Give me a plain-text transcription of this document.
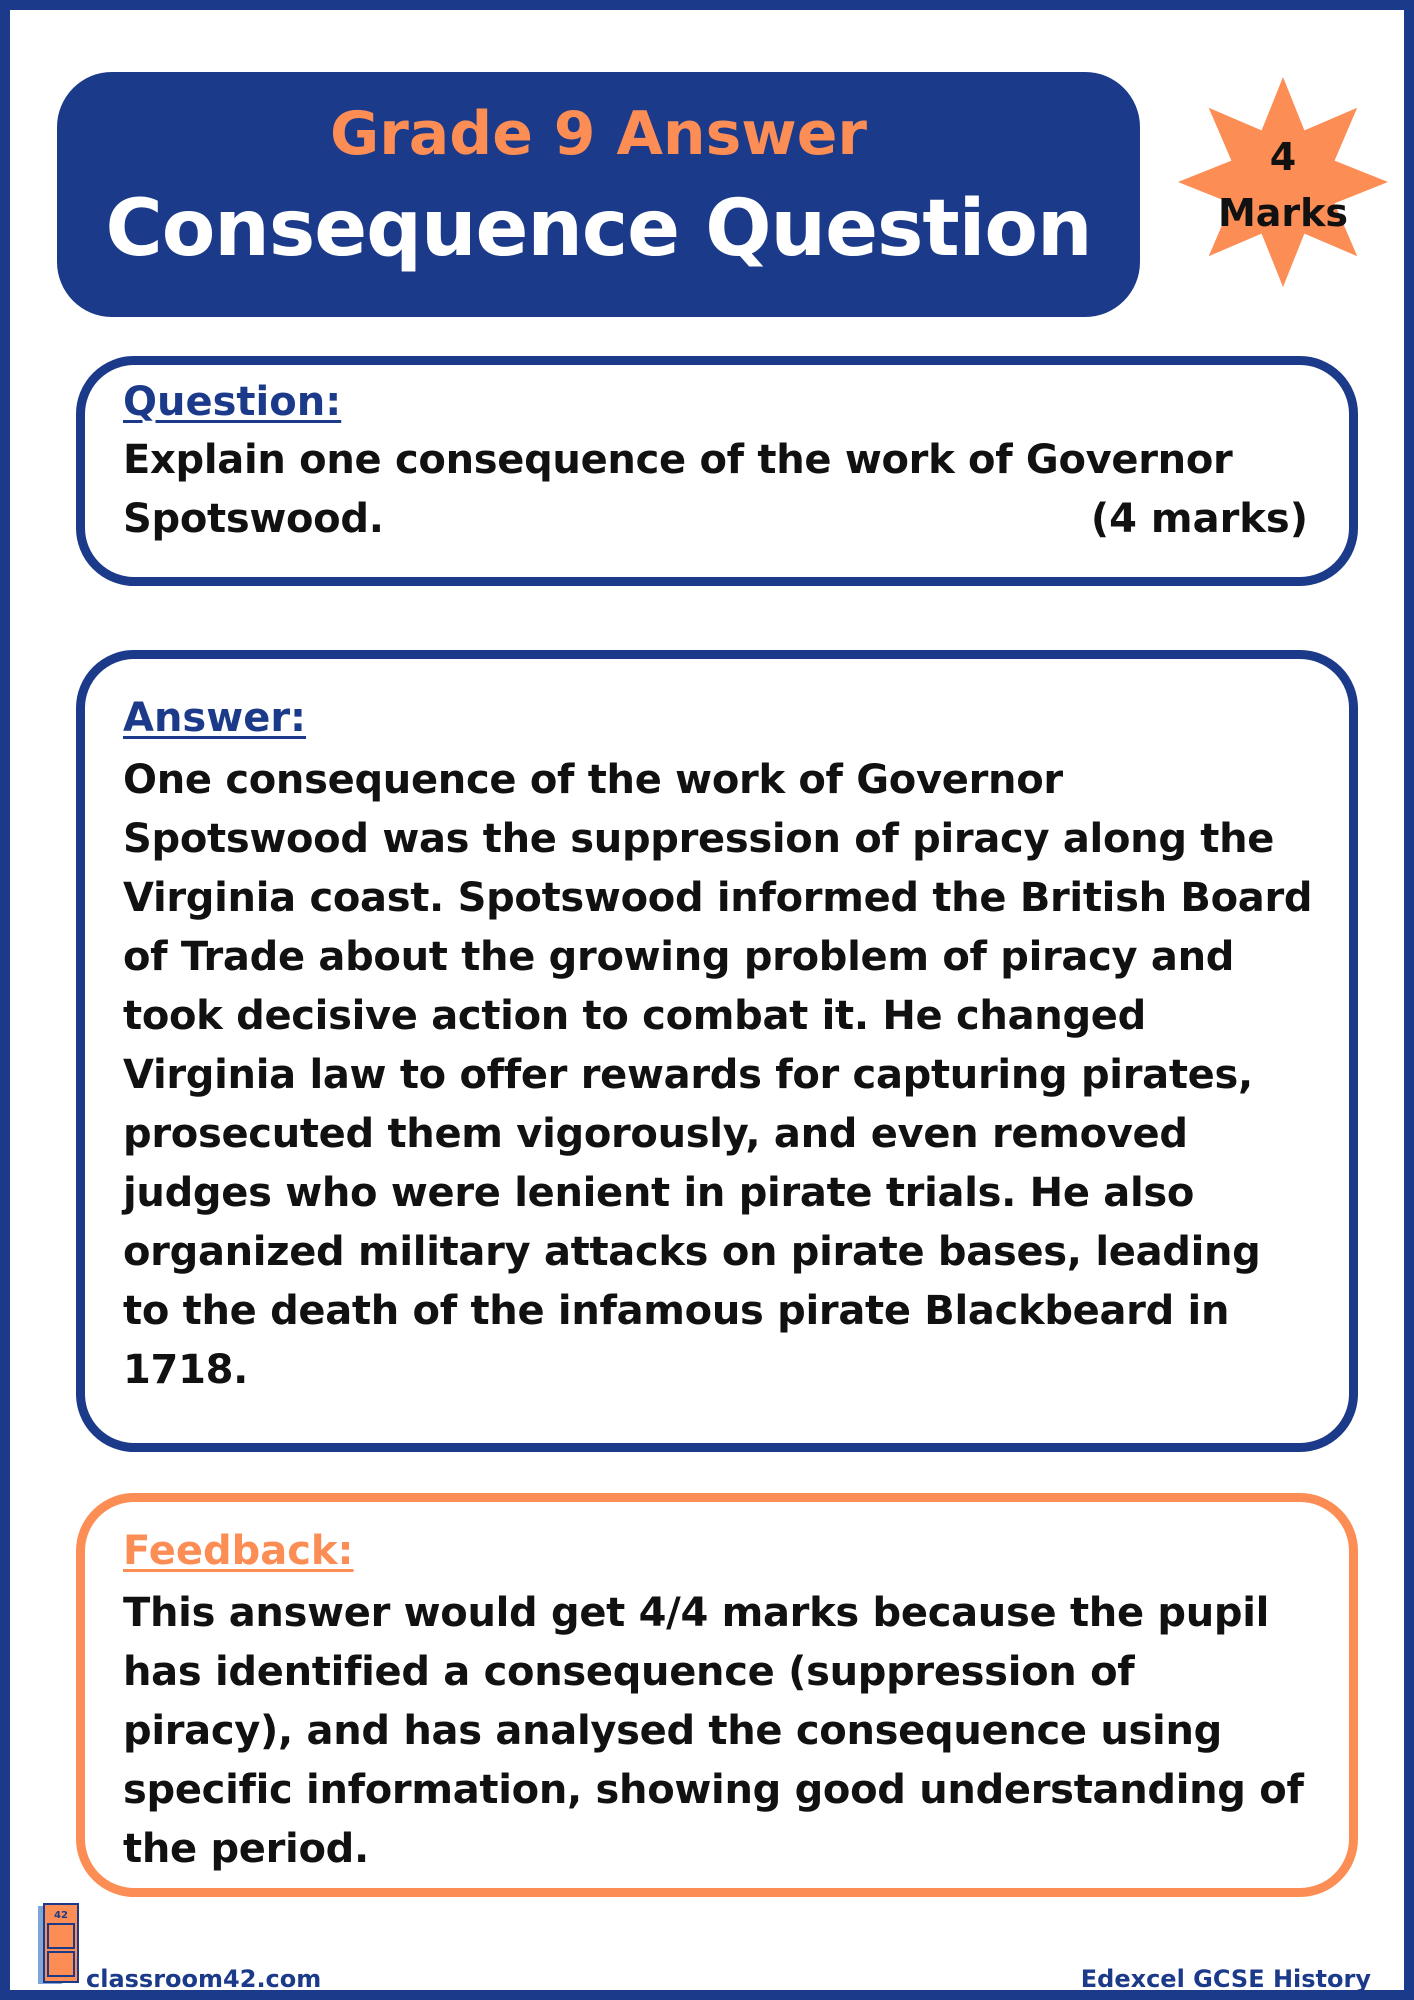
Grade 9 Answer
Consequence Question
4
Marks
Question:
Explain one consequence of the work of Governor Spotswood.	(4 marks)
Answer:
One consequence of the work of Governor Spotswood was the suppression of piracy along the Virginia coast. Spotswood informed the British Board of Trade about the growing problem of piracy and took decisive action to combat it. He changed Virginia law to offer rewards for capturing pirates, prosecuted them vigorously, and even removed judges who were lenient in pirate trials. He also organized military attacks on pirate bases, leading to the death of the infamous pirate Blackbeard in 1718.
Feedback:
This answer would get 4/4 marks because the pupil has identified a consequence (suppression of piracy), and has analysed the consequence using specific information, showing good understanding of the period.
42
classroom42.com	Edexcel GCSE History
